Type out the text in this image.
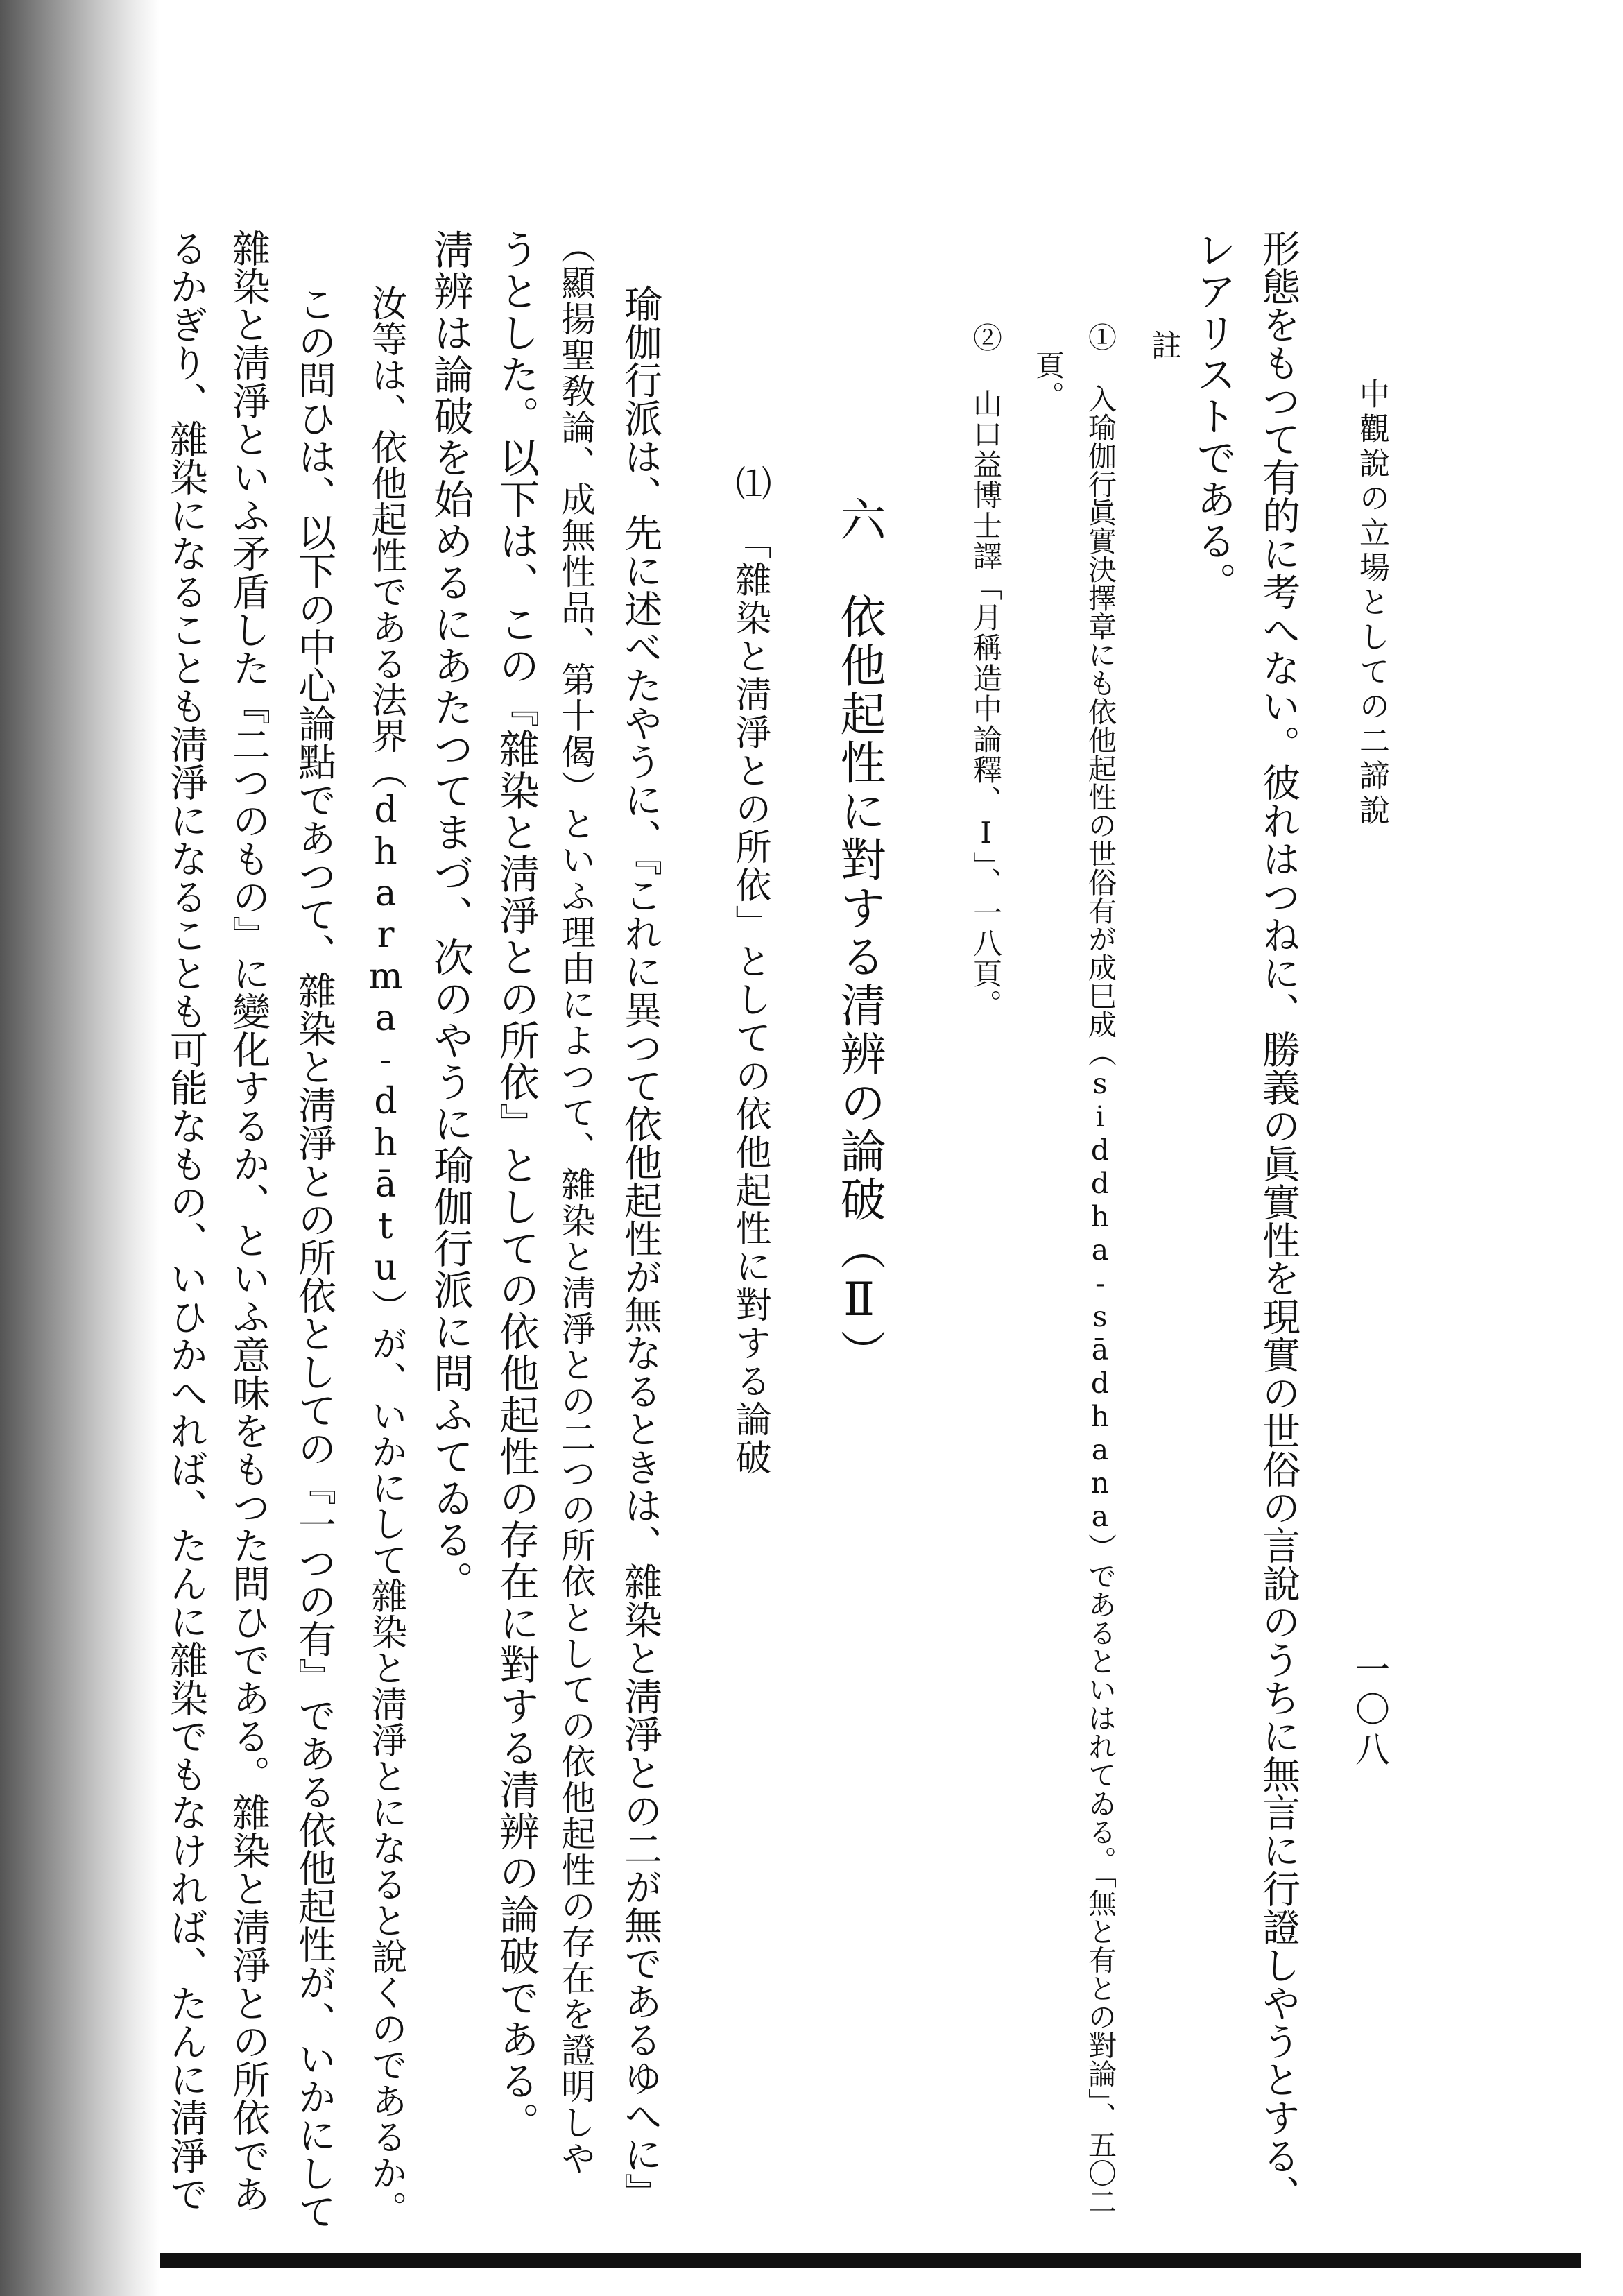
中觀說の立場としての二諦說
一〇八
形態をもつて有的に考へない。彼れはつねに、勝義の眞實性を現實の世俗の言說のうちに無言に行證しやうとする、
レアリストである。
註
① 入瑜伽行眞實決擇章にも依他起性の世俗有が成巳成（siddha-sādhana）であるといはれてゐる。「無と有との對論」、五〇二
頁。
② 山口益博士譯「月稱造中論釋、I」、一八頁。
六　依他起性に對する清辨の論破（Ⅱ）
⑴　「雜染と淸淨との所依」としての依他起性に對する論破
瑜伽行派は、先に述べたやうに、『これに異つて依他起性が無なるときは、雜染と淸淨との二が無であるゆへに』
（顯揚聖敎論、成無性品、第十偈）といふ理由によつて、雜染と淸淨との二つの所依としての依他起性の存在を證明しや
うとした。以下は、この『雜染と淸淨との所依』としての依他起性の存在に對する清辨の論破である。
淸辨は論破を始めるにあたつてまづ、次のやうに瑜伽行派に問ふてゐる。
汝等は、依他起性である法界（dharma-dhātu）が、いかにして雜染と淸淨とになると說くのであるか。
この問ひは、以下の中心論點であつて、雜染と淸淨との所依としての『一つの有』である依他起性が、いかにして
雜染と淸淨といふ矛盾した『二つのもの』に變化するか、といふ意味をもつた問ひである。雜染と淸淨との所依であ
るかぎり、雜染になることも淸淨になることも可能なもの、いひかへれば、たんに雜染でもなければ、たんに淸淨で
